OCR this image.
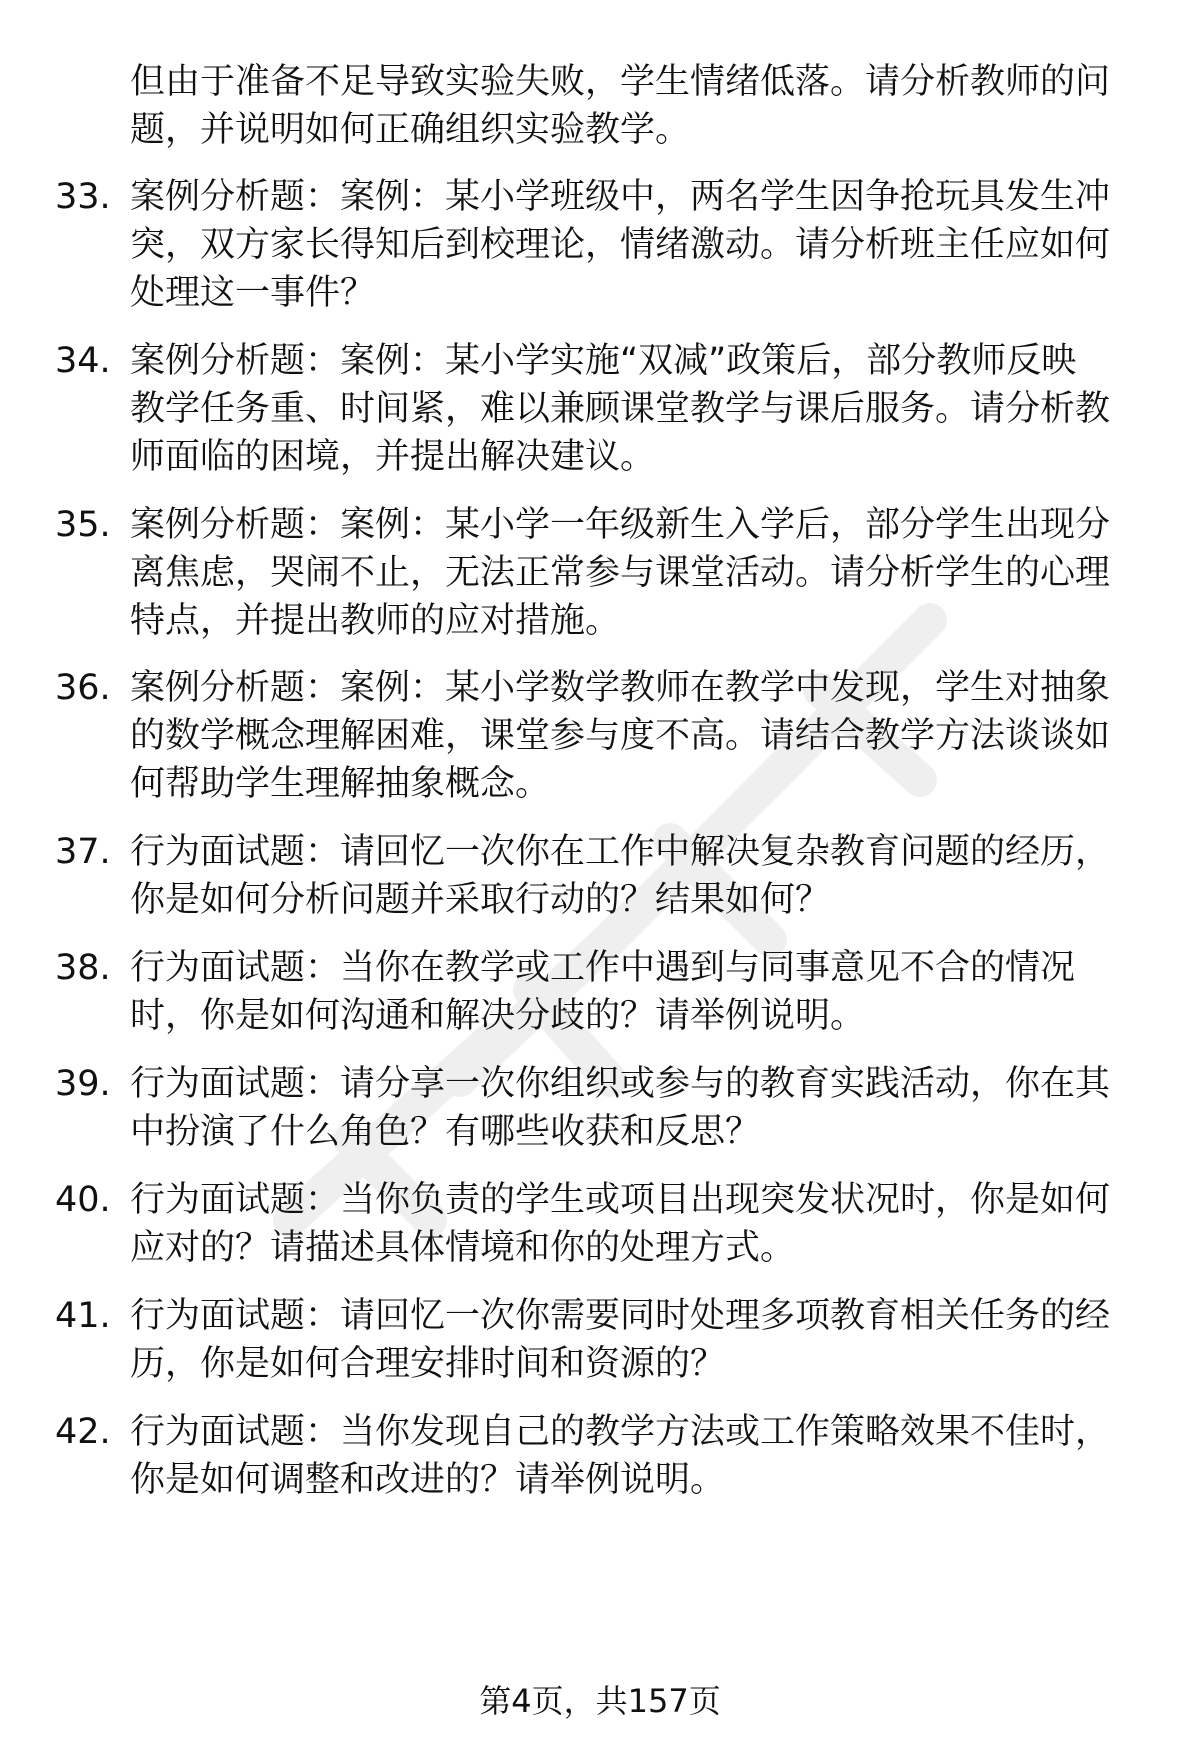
但由于准备不足导致实验失败，学生情绪低落。请分析教师的问
题，并说明如何正确组织实验教学。
33. 案例分析题：案例：某小学班级中，两名学生因争抢玩具发生冲
突，双方家长得知后到校理论，情绪激动。请分析班主任应如何
处理这一事件？
34. 案例分析题：案例：某小学实施“双减”政策后，部分教师反映
教学任务重、时间紧，难以兼顾课堂教学与课后服务。请分析教
师面临的困境，并提出解决建议。
35. 案例分析题：案例：某小学一年级新生入学后，部分学生出现分
离焦虑，哭闹不止，无法正常参与课堂活动。请分析学生的心理
特点，并提出教师的应对措施。
36. 案例分析题：案例：某小学数学教师在教学中发现，学生对抽象
的数学概念理解困难，课堂参与度不高。请结合教学方法谈谈如
何帮助学生理解抽象概念。
37. 行为面试题：请回忆一次你在工作中解决复杂教育问题的经历，
你是如何分析问题并采取行动的？结果如何？
38. 行为面试题：当你在教学或工作中遇到与同事意见不合的情况
时，你是如何沟通和解决分歧的？请举例说明。
39. 行为面试题：请分享一次你组织或参与的教育实践活动，你在其
中扮演了什么角色？有哪些收获和反思？
40. 行为面试题：当你负责的学生或项目出现突发状况时，你是如何
应对的？请描述具体情境和你的处理方式。
41. 行为面试题：请回忆一次你需要同时处理多项教育相关任务的经
历，你是如何合理安排时间和资源的？
42. 行为面试题：当你发现自己的教学方法或工作策略效果不佳时，
你是如何调整和改进的？请举例说明。
第4页，共157页
